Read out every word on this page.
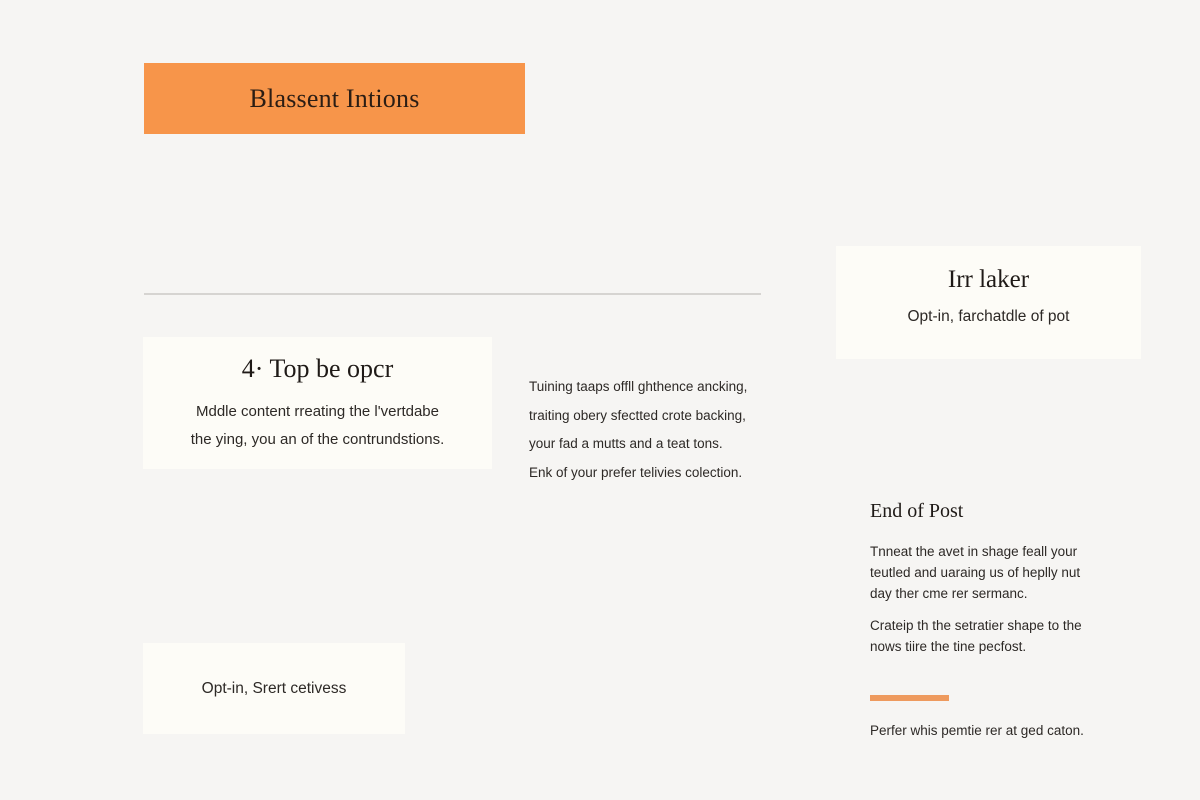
Blassent Intions
4· Top be opcr
Mddle content rreating the l'vertdabe
the ying, you an of the contrundstions.
Tuining taaps offll ghthence ancking,
traiting obery sfectted crote backing,
your fad a mutts and a teat tons.
Enk of your prefer telivies colection.
Irr laker
Opt-in, farchatdle of pot
End of Post
Tnneat the avet in shage feall your
teutled and uaraing us of heplly nut
day ther cme rer sermanc.
Crateip th the setratier shape to the
nows tiire the tine pecfost.
Perfer whis pemtie rer at ged caton.
Opt-in, Srert cetivess
